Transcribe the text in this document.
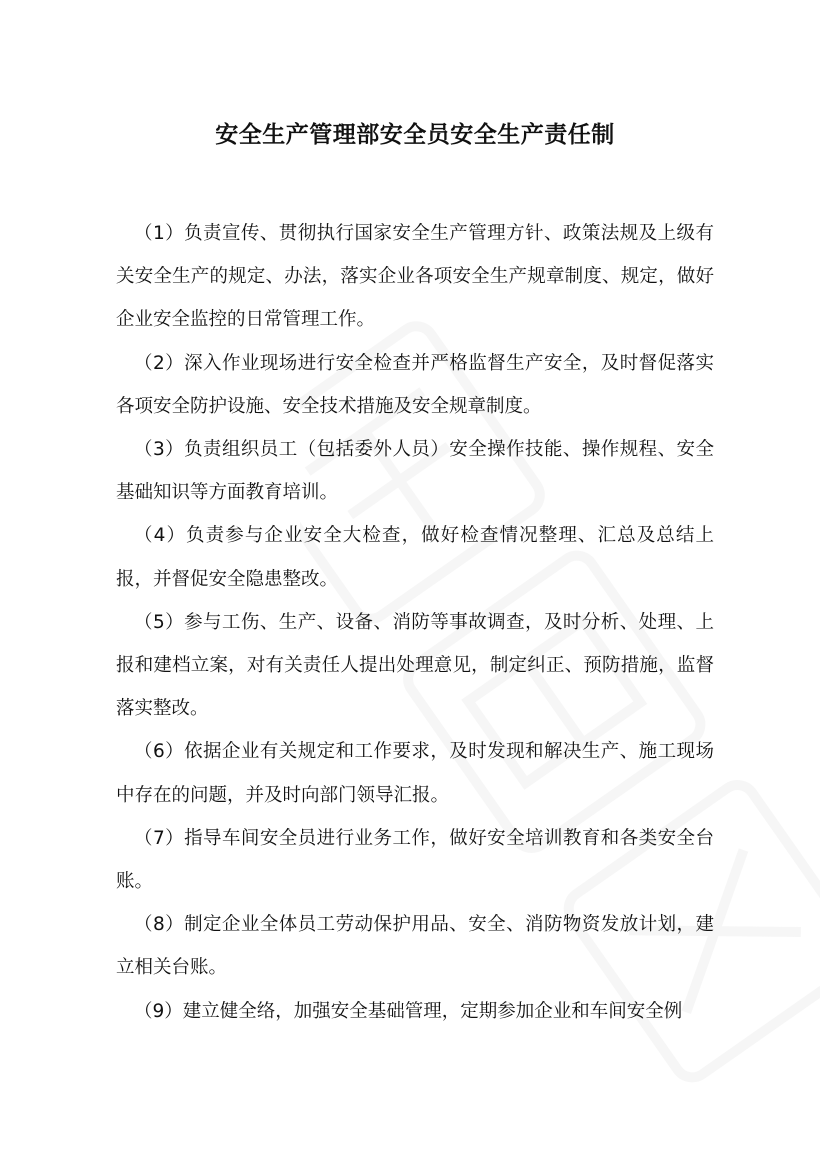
安全生产管理部安全员安全生产责任制

（1）负责宣传、贯彻执行国家安全生产管理方针、政策法规及上级有关安全生产的规定、办法，落实企业各项安全生产规章制度、规定，做好企业安全监控的日常管理工作。

（2）深入作业现场进行安全检查并严格监督生产安全，及时督促落实各项安全防护设施、安全技术措施及安全规章制度。

（3）负责组织员工（包括委外人员）安全操作技能、操作规程、安全基础知识等方面教育培训。

（4）负责参与企业安全大检查，做好检查情况整理、汇总及总结上报，并督促安全隐患整改。

（5）参与工伤、生产、设备、消防等事故调查，及时分析、处理、上报和建档立案，对有关责任人提出处理意见，制定纠正、预防措施，监督落实整改。

（6）依据企业有关规定和工作要求，及时发现和解决生产、施工现场中存在的问题，并及时向部门领导汇报。

（7）指导车间安全员进行业务工作，做好安全培训教育和各类安全台账。

（8）制定企业全体员工劳动保护用品、安全、消防物资发放计划，建立相关台账。

（9）建立健全络，加强安全基础管理，定期参加企业和车间安全例
